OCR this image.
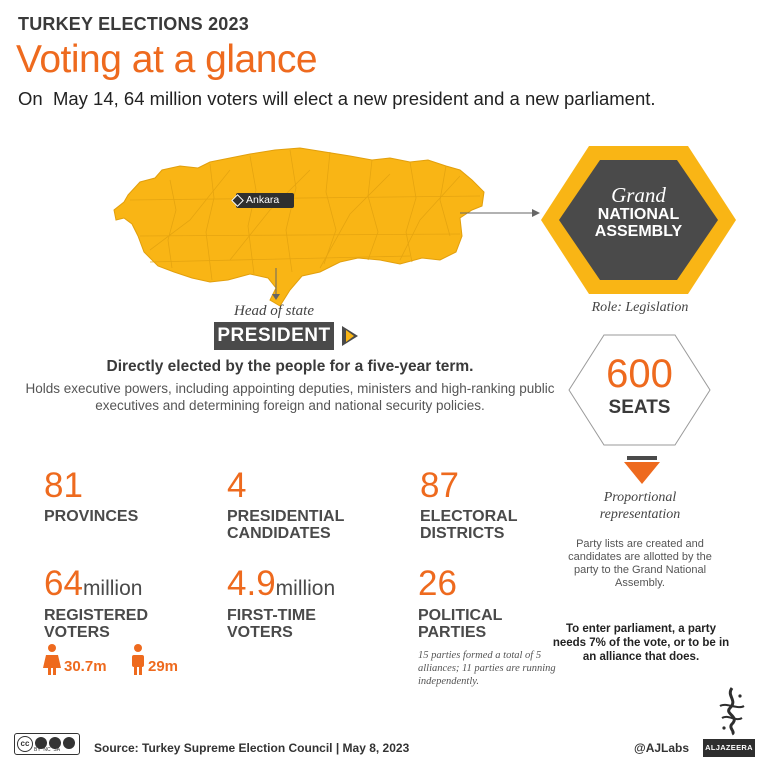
TURKEY ELECTIONS 2023
Voting at a glance
On  May 14, 64 million voters will elect a new president and a new parliament.
Ankara
Head of state
PRESIDENT
Directly elected by the people for a five-year term.
Holds executive powers, including appointing deputies, ministers and high-ranking public executives and determining foreign and national security policies.
Grand
NATIONAL
ASSEMBLY
Role: Legislation
600
SEATS
Proportional
representation
Party lists are created and candidates are allotted by the party to the Grand National Assembly.
To enter parliament, a party needs 7% of the vote, or to be in an alliance that does.
81
PROVINCES
4
PRESIDENTIAL
CANDIDATES
87
ELECTORAL
DISTRICTS
64million
REGISTERED
VOTERS
30.7m	29m
4.9million
FIRST-TIME
VOTERS
26
POLITICAL
PARTIES
15 parties formed a total of 5 alliances; 11 parties are running independently.
cc
BY  NC  SA	Source: Turkey Supreme Election Council | May 8, 2023	@AJLabs ALJAZEERA
